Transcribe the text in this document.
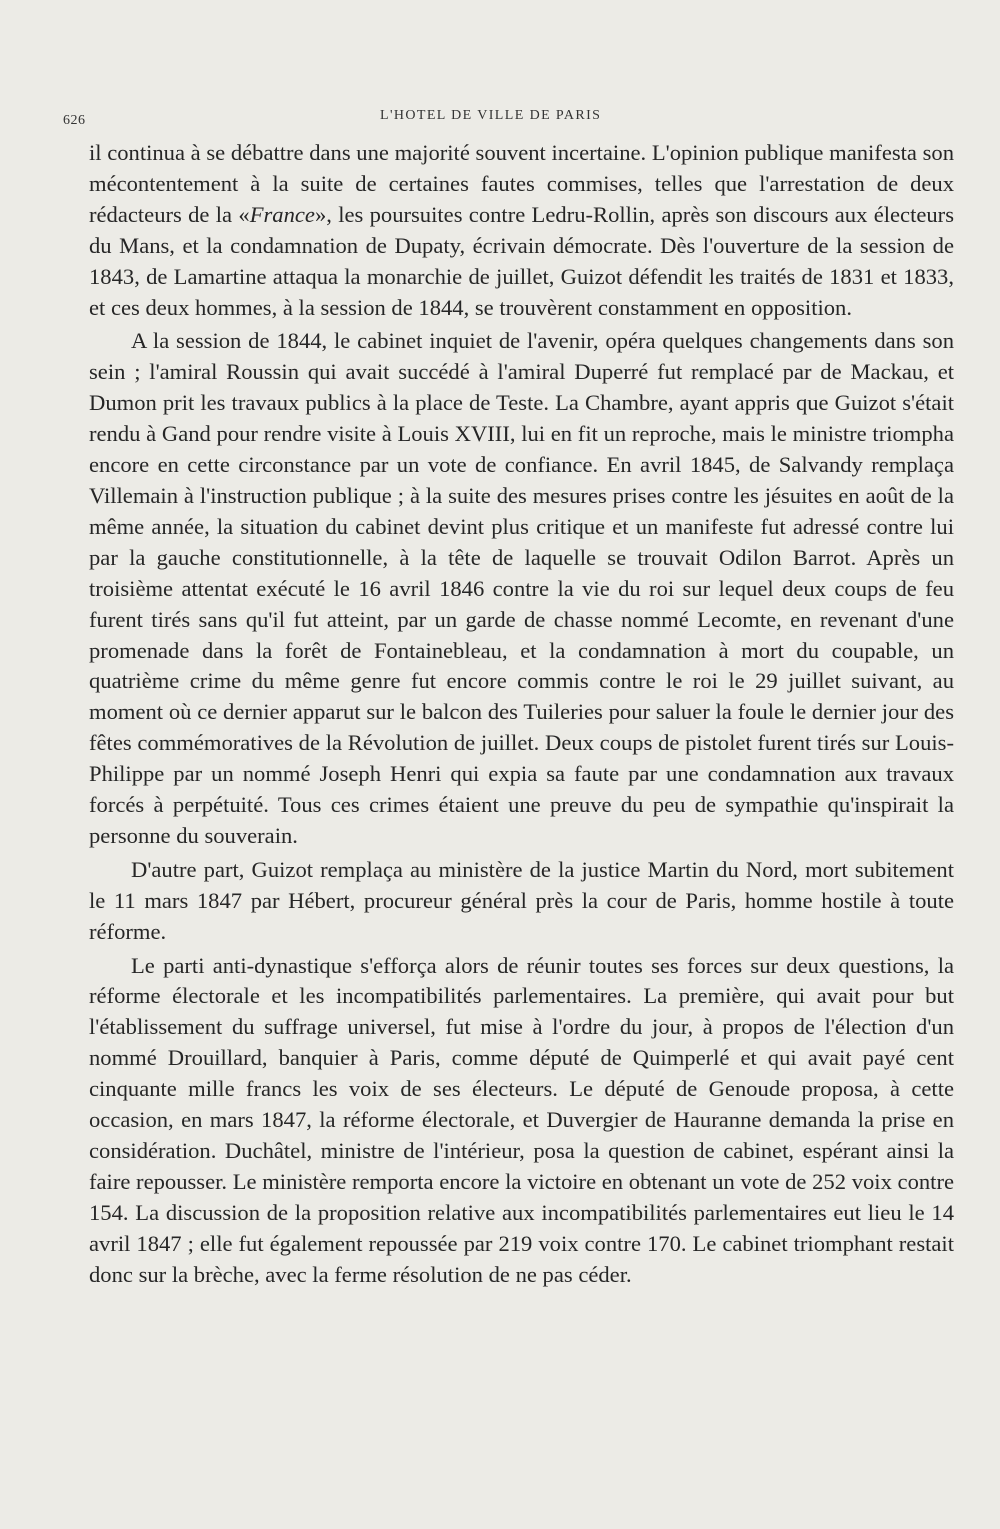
626	L'HOTEL DE VILLE DE PARIS

il continua à se débattre dans une majorité souvent incertaine. L'opinion publique manifesta son mécontentement à la suite de certaines fautes commises, telles que l'arrestation de deux rédacteurs de la «France», les poursuites contre Ledru-Rollin, après son discours aux électeurs du Mans, et la condamnation de Dupaty, écrivain démocrate. Dès l'ouverture de la session de 1843, de Lamartine attaqua la monarchie de juillet, Guizot défendit les traités de 1831 et 1833, et ces deux hommes, à la session de 1844, se trouvèrent constamment en opposition.

A la session de 1844, le cabinet inquiet de l'avenir, opéra quelques changements dans son sein ; l'amiral Roussin qui avait succédé à l'amiral Duperré fut remplacé par de Mackau, et Dumon prit les travaux publics à la place de Teste. La Chambre, ayant appris que Guizot s'était rendu à Gand pour rendre visite à Louis XVIII, lui en fit un reproche, mais le ministre triompha encore en cette circonstance par un vote de confiance. En avril 1845, de Salvandy remplaça Villemain à l'instruction publique ; à la suite des mesures prises contre les jésuites en août de la même année, la situation du cabinet devint plus critique et un manifeste fut adressé contre lui par la gauche constitutionnelle, à la tête de laquelle se trouvait Odilon Barrot. Après un troisième attentat exécuté le 16 avril 1846 contre la vie du roi sur lequel deux coups de feu furent tirés sans qu'il fut atteint, par un garde de chasse nommé Lecomte, en revenant d'une promenade dans la forêt de Fontainebleau, et la condamnation à mort du coupable, un quatrième crime du même genre fut encore commis contre le roi le 29 juillet suivant, au moment où ce dernier apparut sur le balcon des Tuileries pour saluer la foule le dernier jour des fêtes commémoratives de la Révolution de juillet. Deux coups de pistolet furent tirés sur Louis-Philippe par un nommé Joseph Henri qui expia sa faute par une condamnation aux travaux forcés à perpétuité. Tous ces crimes étaient une preuve du peu de sympathie qu'inspirait la personne du souverain.

D'autre part, Guizot remplaça au ministère de la justice Martin du Nord, mort subitement le 11 mars 1847 par Hébert, procureur général près la cour de Paris, homme hostile à toute réforme.

Le parti anti-dynastique s'efforça alors de réunir toutes ses forces sur deux questions, la réforme électorale et les incompatibilités parlementaires. La première, qui avait pour but l'établissement du suffrage universel, fut mise à l'ordre du jour, à propos de l'élection d'un nommé Drouillard, banquier à Paris, comme député de Quimperlé et qui avait payé cent cinquante mille francs les voix de ses électeurs. Le député de Genoude proposa, à cette occasion, en mars 1847, la réforme électorale, et Duvergier de Hauranne demanda la prise en considération. Duchâtel, ministre de l'intérieur, posa la question de cabinet, espérant ainsi la faire repousser. Le ministère remporta encore la victoire en obtenant un vote de 252 voix contre 154. La discussion de la proposition relative aux incompatibilités parlementaires eut lieu le 14 avril 1847 ; elle fut également repoussée par 219 voix contre 170. Le cabinet triomphant restait donc sur la brèche, avec la ferme résolution de ne pas céder.
